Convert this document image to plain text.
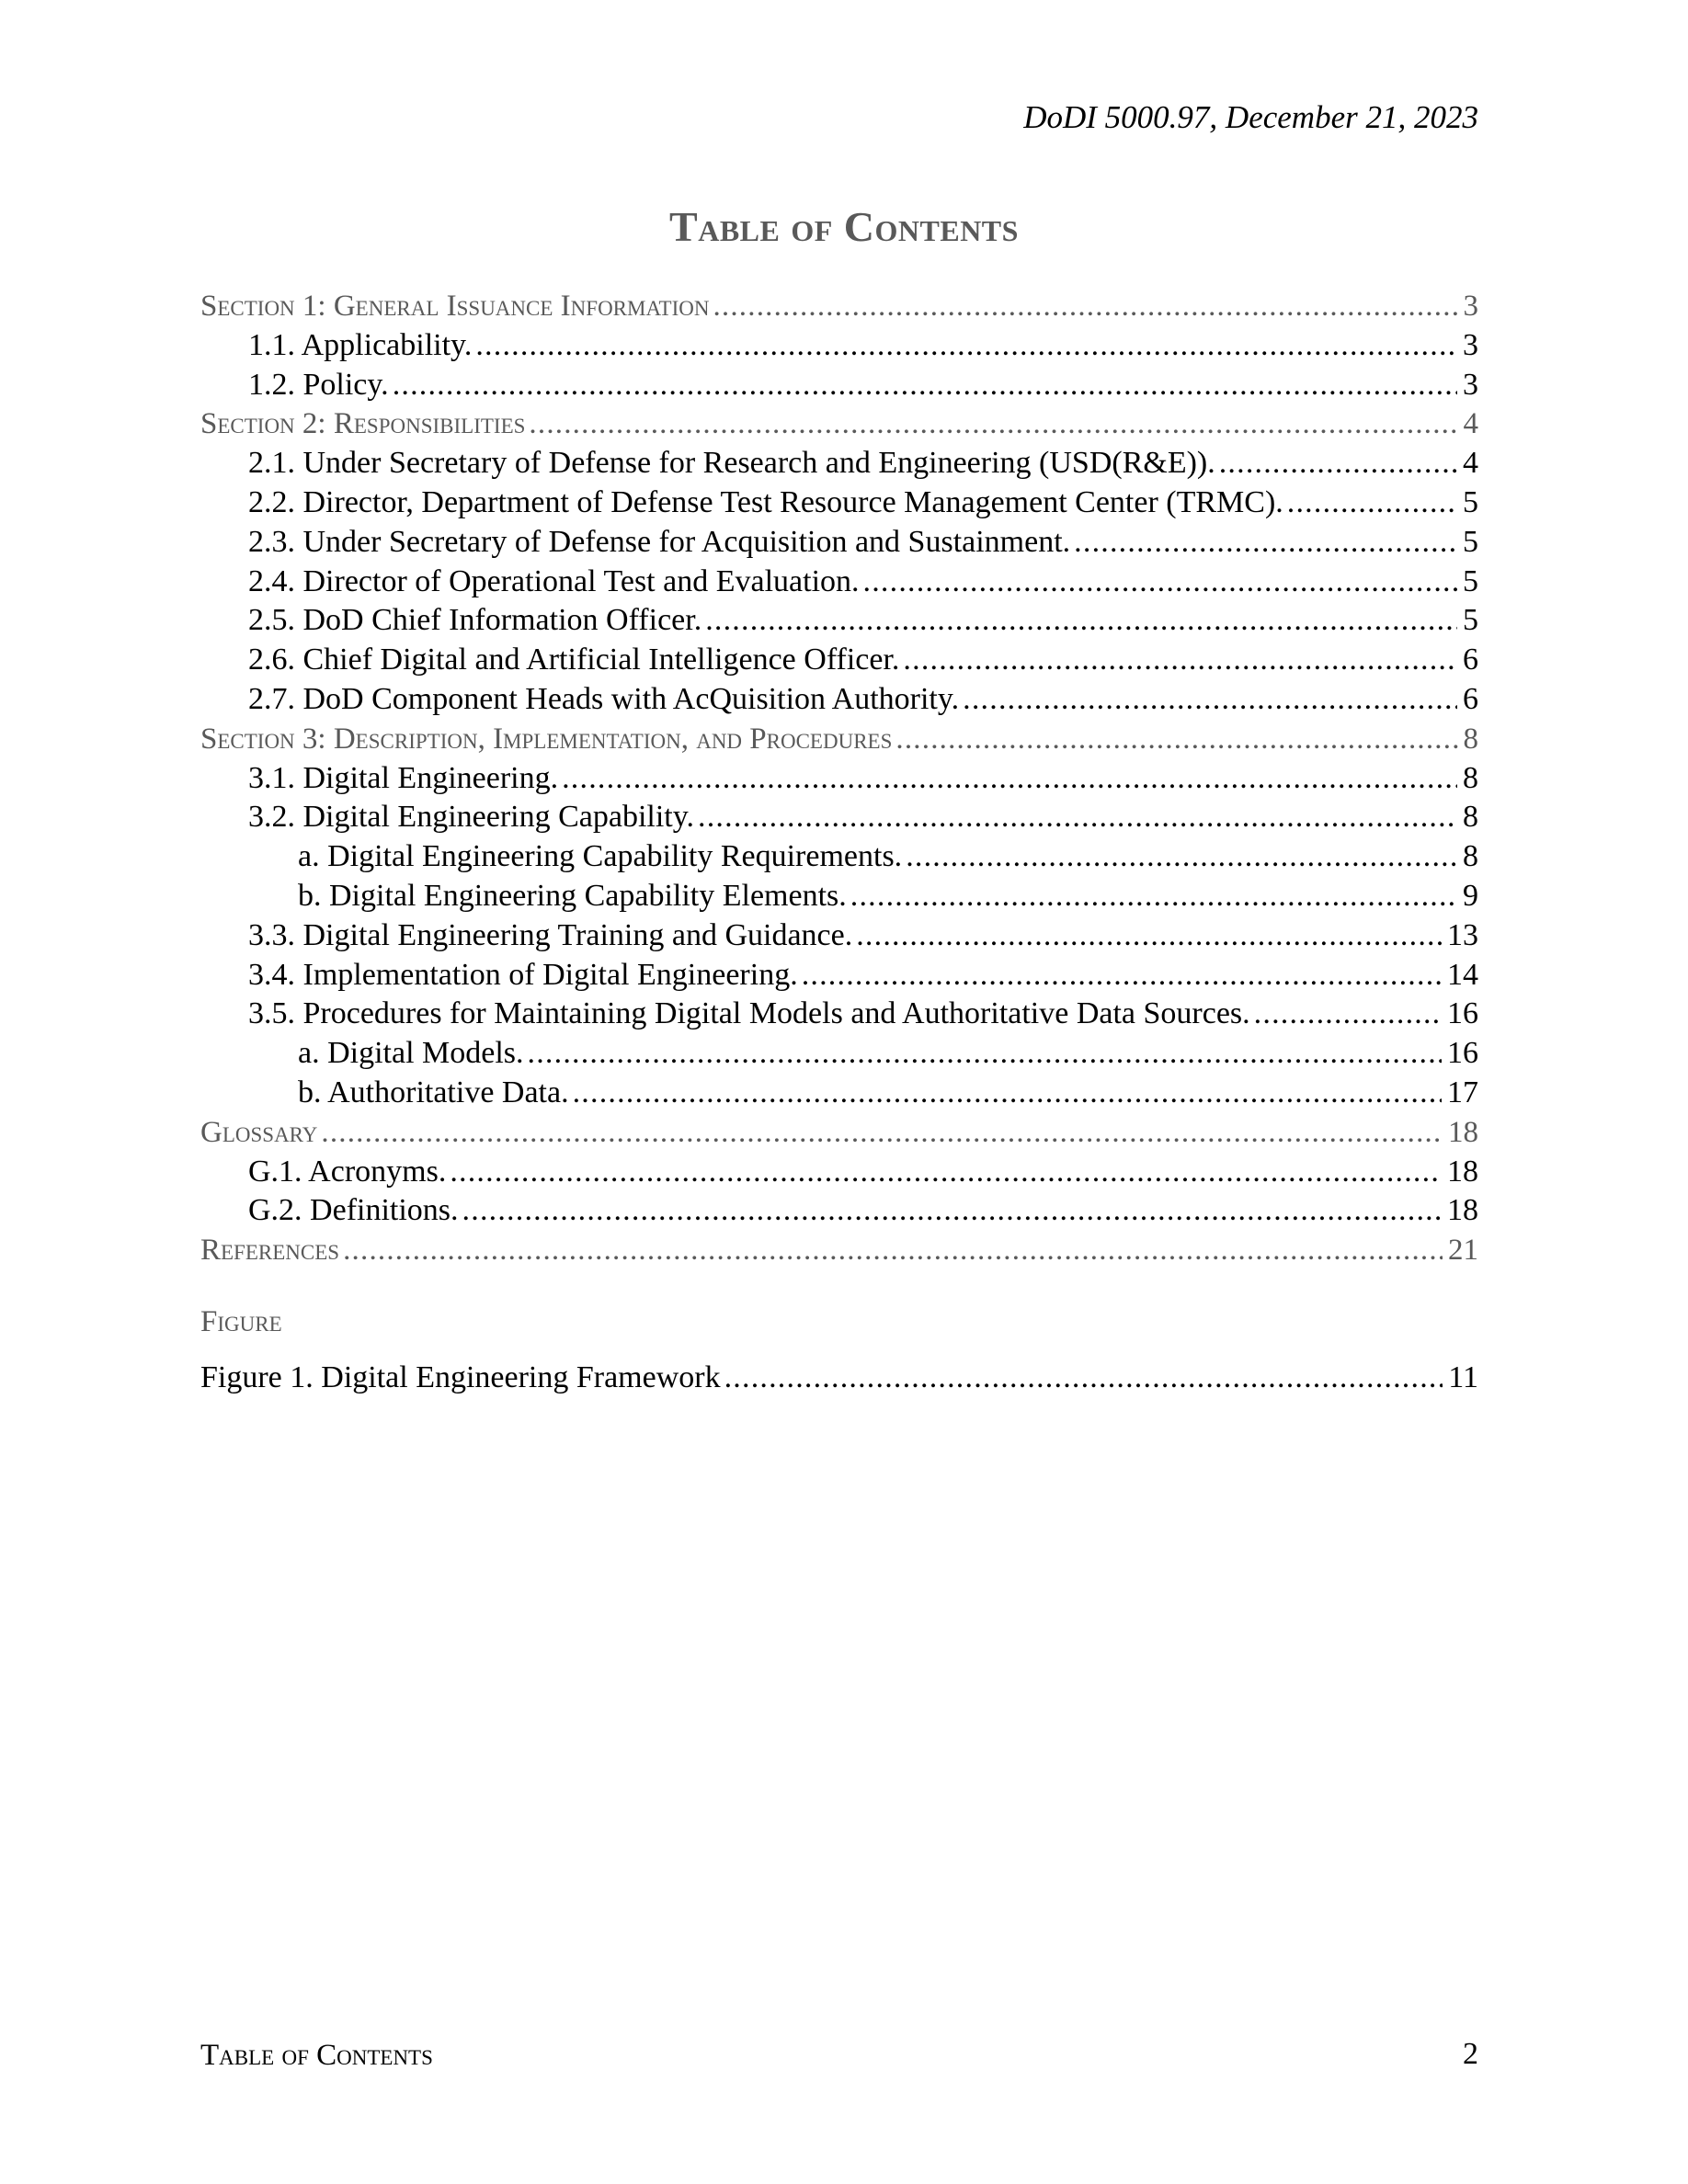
DoDI 5000.97, December 21, 2023
Table of Contents
Section 1: General Issuance Information .....	3
1.1. Applicability. .....	3
1.2. Policy. .....	3
Section 2: Responsibilities .....	4
2.1. Under Secretary of Defense for Research and Engineering (USD(R&E)). .....	4
2.2. Director, Department of Defense Test Resource Management Center (TRMC). .....	5
2.3. Under Secretary of Defense for Acquisition and Sustainment. .....	5
2.4. Director of Operational Test and Evaluation. .....	5
2.5. DoD Chief Information Officer. .....	5
2.6. Chief Digital and Artificial Intelligence Officer. .....	6
2.7. DoD Component Heads with AcQuisition Authority. .....	6
Section 3: Description, Implementation, and Procedures .....	8
3.1. Digital Engineering. .....	8
3.2. Digital Engineering Capability. .....	8
a. Digital Engineering Capability Requirements. .....	8
b. Digital Engineering Capability Elements. .....	9
3.3. Digital Engineering Training and Guidance. .....	13
3.4. Implementation of Digital Engineering. .....	14
3.5. Procedures for Maintaining Digital Models and Authoritative Data Sources. .....	16
a. Digital Models. .....	16
b. Authoritative Data. .....	17
Glossary .....	18
G.1. Acronyms. .....	18
G.2. Definitions. .....	18
References .....	21
Figure
Figure 1. Digital Engineering Framework .....	11
Table of Contents	2
